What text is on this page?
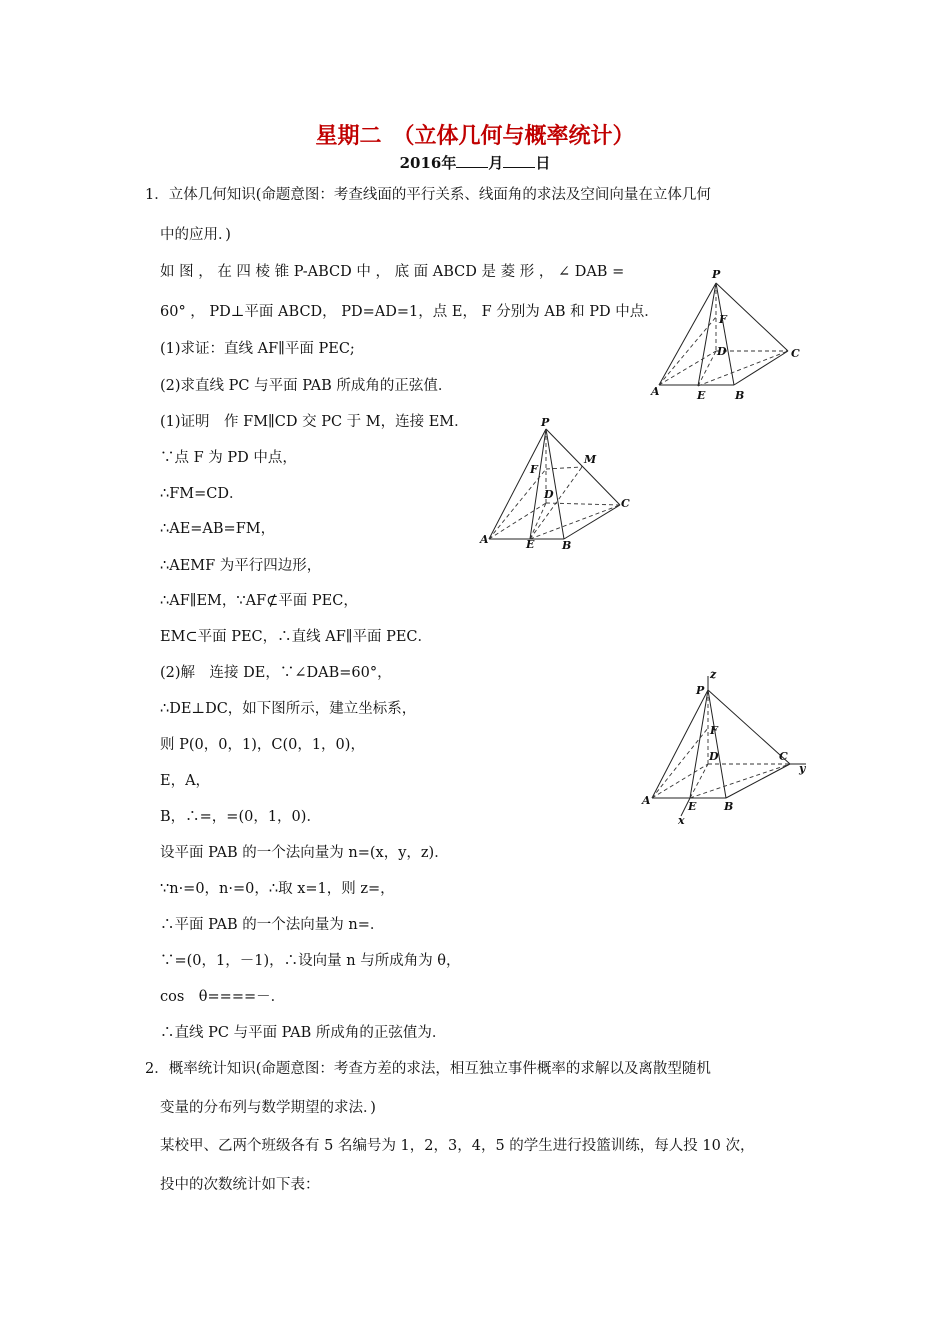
星期二　（立体几何与概率统计）
2016年 月 日
1．立体几何知识(命题意图：考查线面的平行关系、线面角的求法及空间向量在立体几何
中的应用．)
如 图 ， 在 四 棱 锥 P-ABCD 中 ， 底 面 ABCD 是 菱 形 ， ∠ DAB =
60° ， PD⊥平面 ABCD， PD=AD=1，点 E， F 分别为 AB 和 PD 中点．
(1)求证：直线 AF∥平面 PEC;
(2)求直线 PC 与平面 PAB 所成角的正弦值．
(1)证明　作 FM∥CD 交 PC 于 M，连接 EM．
∵点 F 为 PD 中点，
∴FM=CD．
∴AE=AB=FM，
∴AEMF 为平行四边形，
∴AF∥EM，∵AF⊄平面 PEC，
EM⊂平面 PEC，∴直线 AF∥平面 PEC．
(2)解　连接 DE，∵∠DAB=60°，
∴DE⊥DC，如下图所示，建立坐标系，
则 P(0，0，1)，C(0，1，0)，
E，A，
B，∴=，=(0，1，0)．
设平面 PAB 的一个法向量为 n=(x，y，z)．
∵n·=0，n·=0，∴取 x=1，则 z=，
∴平面 PAB 的一个法向量为 n=．
∵=(0，1，－1)，∴设向量 n 与所成角为 θ，
cos　θ====－．
∴直线 PC 与平面 PAB 所成角的正弦值为．
2．概率统计知识(命题意图：考查方差的求法，相互独立事件概率的求解以及离散型随机
变量的分布列与数学期望的求法．)
某校甲、乙两个班级各有 5 名编号为 1，2，3，4，5 的学生进行投篮训练，每人投 10 次，
投中的次数统计如下表：
P
F
D	C
A	E	B
P
M
F
D
C
A	E	B
z
P
F
D	C
y
A	E	B
x
